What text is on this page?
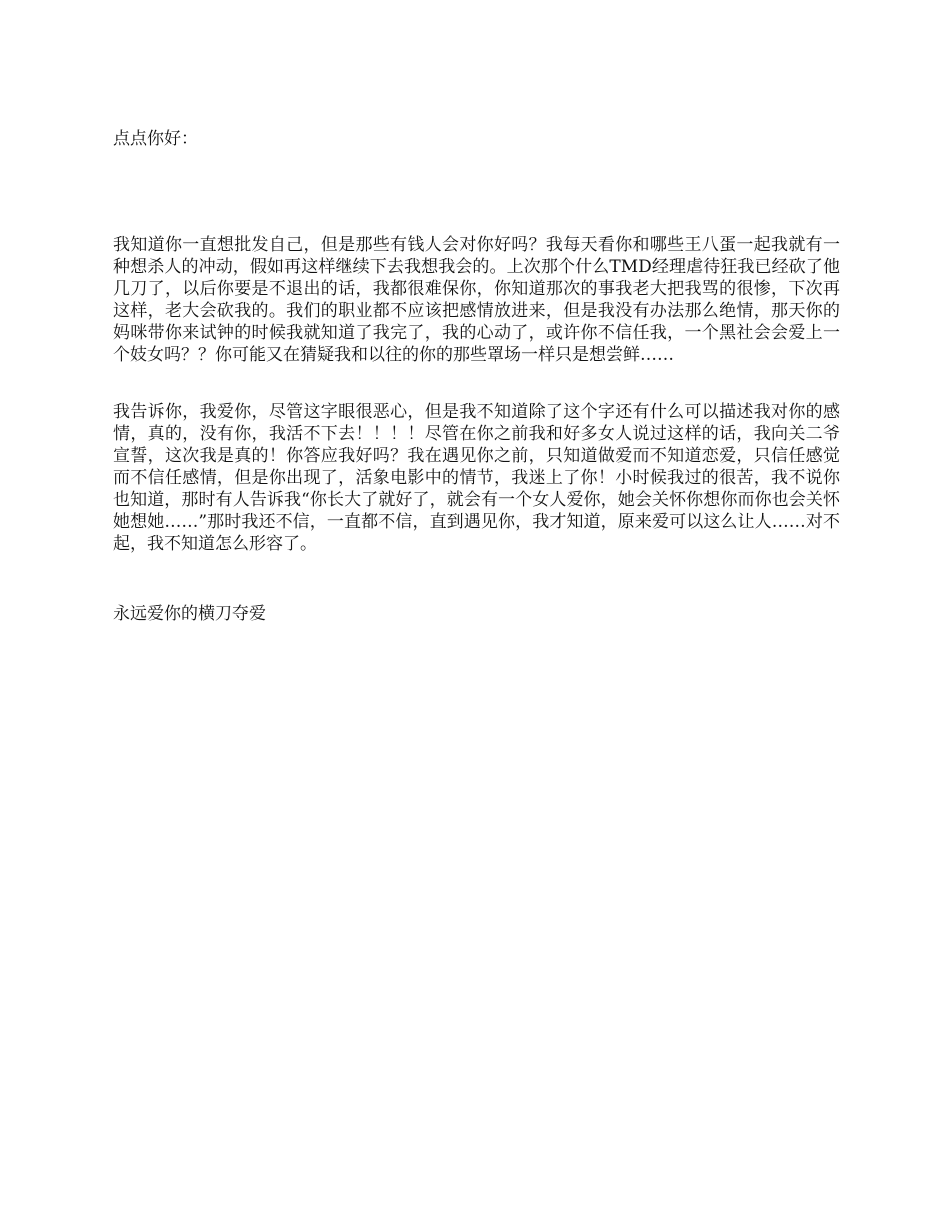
点点你好：

我知道你一直想批发自己，但是那些有钱人会对你好吗？我每天看你和哪些王八蛋一起我就有一种想杀人的冲动，假如再这样继续下去我想我会的。上次那个什么TMD经理虐待狂我已经砍了他几刀了，以后你要是不退出的话，我都很难保你，你知道那次的事我老大把我骂的很惨，下次再这样，老大会砍我的。我们的职业都不应该把感情放进来，但是我没有办法那么绝情，那天你的妈咪带你来试钟的时候我就知道了我完了，我的心动了，或许你不信任我，一个黑社会会爱上一个妓女吗？？你可能又在猜疑我和以往的你的那些罩场一样只是想尝鲜……

我告诉你，我爱你，尽管这字眼很恶心，但是我不知道除了这个字还有什么可以描述我对你的感情，真的，没有你，我活不下去！！！！尽管在你之前我和好多女人说过这样的话，我向关二爷宣誓，这次我是真的！你答应我好吗？我在遇见你之前，只知道做爱而不知道恋爱，只信任感觉而不信任感情，但是你出现了，活象电影中的情节，我迷上了你！小时候我过的很苦，我不说你也知道，那时有人告诉我“你长大了就好了，就会有一个女人爱你，她会关怀你想你而你也会关怀她想她……”那时我还不信，一直都不信，直到遇见你，我才知道，原来爱可以这么让人……对不起，我不知道怎么形容了。

永远爱你的横刀夺爱
